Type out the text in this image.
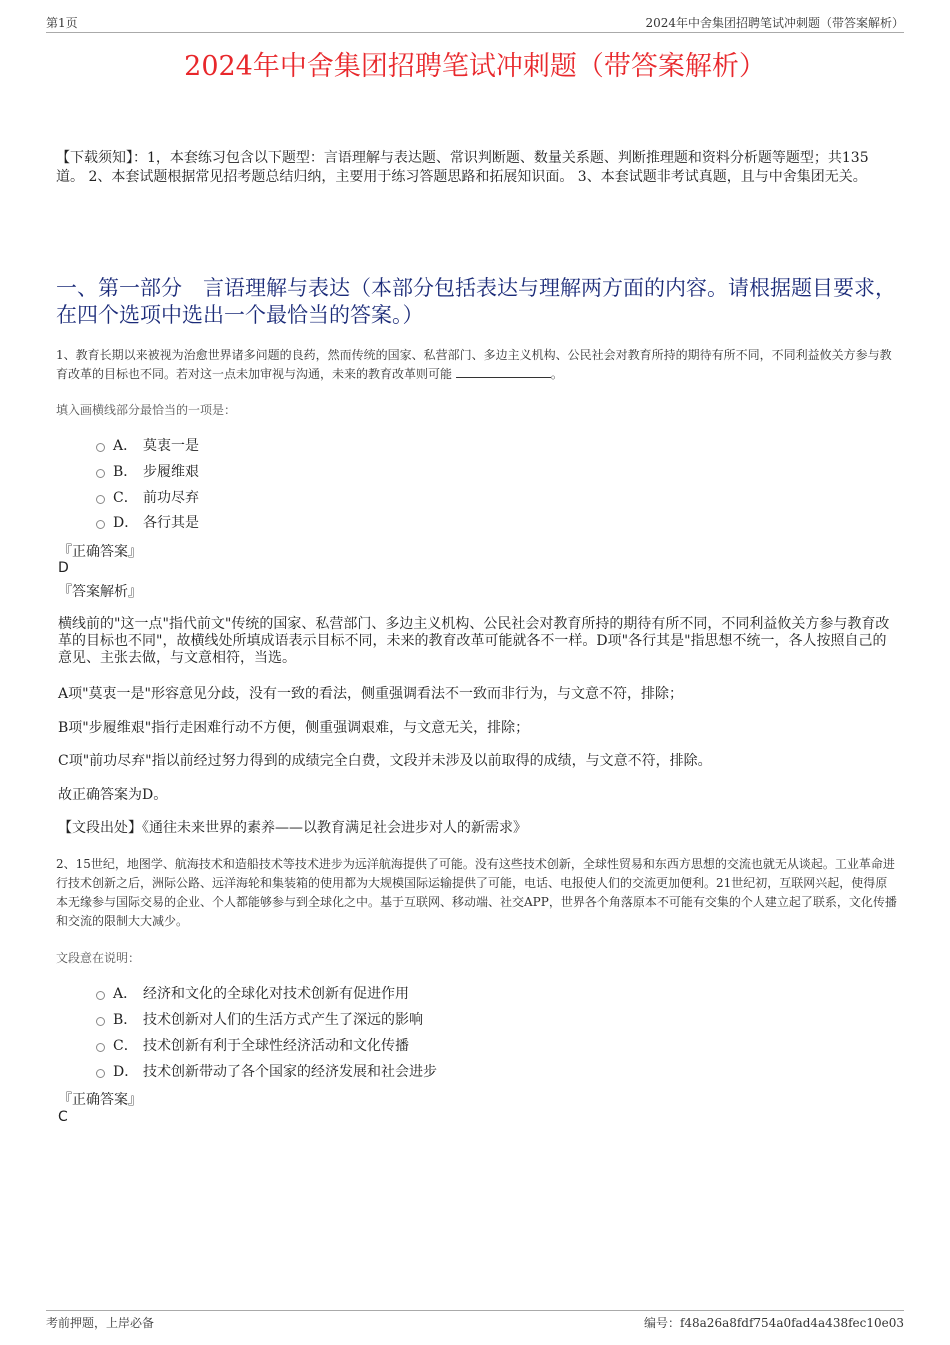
第1页	2024年中舍集团招聘笔试冲刺题（带答案解析）
2024年中舍集团招聘笔试冲刺题（带答案解析）
【下载须知】：1，本套练习包含以下题型：言语理解与表达题、常识判断题、数量关系题、判断推理题和资料分析题等题型；共135道。 2、本套试题根据常见招考题总结归纳，主要用于练习答题思路和拓展知识面。 3、本套试题非考试真题，且与中舍集团无关。
一、第一部分　言语理解与表达（本部分包括表达与理解两方面的内容。请根据题目要求，在四个选项中选出一个最恰当的答案。）
1、教育长期以来被视为治愈世界诸多问题的良药，然而传统的国家、私营部门、多边主义机构、公民社会对教育所持的期待有所不同，不同利益攸关方参与教育改革的目标也不同。若对这一点未加审视与沟通，未来的教育改革则可能	。
填入画横线部分最恰当的一项是：
A． 莫衷一是
B． 步履维艰
C． 前功尽弃
D． 各行其是
『正确答案』
D
『答案解析』
横线前的"这一点"指代前文"传统的国家、私营部门、多边主义机构、公民社会对教育所持的期待有所不同，不同利益攸关方参与教育改革的目标也不同"，故横线处所填成语表示目标不同，未来的教育改革可能就各不一样。D项"各行其是"指思想不统一，各人按照自己的意见、主张去做，与文意相符，当选。
A项"莫衷一是"形容意见分歧，没有一致的看法，侧重强调看法不一致而非行为，与文意不符，排除；
B项"步履维艰"指行走困难行动不方便，侧重强调艰难，与文意无关，排除；
C项"前功尽弃"指以前经过努力得到的成绩完全白费，文段并未涉及以前取得的成绩，与文意不符，排除。
故正确答案为D。
【文段出处】《通往未来世界的素养——以教育满足社会进步对人的新需求》
2、15世纪，地图学、航海技术和造船技术等技术进步为远洋航海提供了可能。没有这些技术创新，全球性贸易和东西方思想的交流也就无从谈起。工业革命进行技术创新之后，洲际公路、远洋海轮和集装箱的使用都为大规模国际运输提供了可能，电话、电报使人们的交流更加便利。21世纪初，互联网兴起，使得原本无缘参与国际交易的企业、个人都能够参与到全球化之中。基于互联网、移动端、社交APP，世界各个角落原本不可能有交集的个人建立起了联系，文化传播和交流的限制大大减少。
文段意在说明：
A． 经济和文化的全球化对技术创新有促进作用
B． 技术创新对人们的生活方式产生了深远的影响
C． 技术创新有利于全球性经济活动和文化传播
D． 技术创新带动了各个国家的经济发展和社会进步
『正确答案』
C
考前押题，上岸必备	编号：f48a26a8fdf754a0fad4a438fec10e03
